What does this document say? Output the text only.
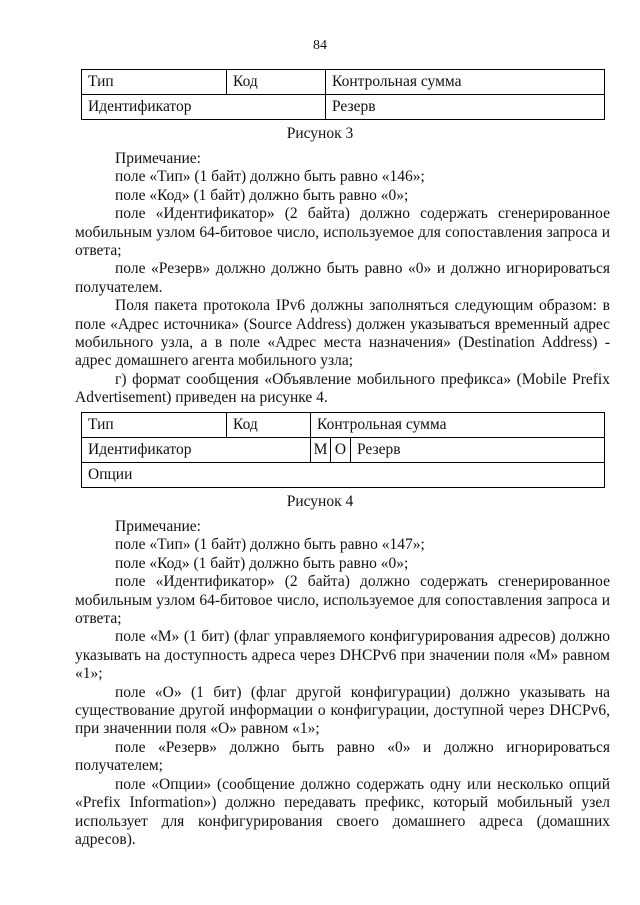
84
Тип	Код	Контрольная сумма
Идентификатор		Резерв
Рисунок 3

Примечание:

поле «Тип» (1 байт) должно быть равно «146»;

поле «Код» (1 байт) должно быть равно «0»;

поле «Идентификатор» (2 байта) должно содержать сгенерированное мобильным узлом 64-битовое число, используемое для сопоставления запроса и ответа;

поле «Резерв» должно должно быть равно «0» и должно игнорироваться получателем.

Поля пакета протокола IPv6 должны заполняться следующим образом: в поле «Адрес источника» (Source Address) должен указываться временный адрес мобильного узла, а в поле «Адрес места назначения» (Destination Address) - адрес домашнего агента мобильного узла;

г) формат сообщения «Объявление мобильного префикса» (Mobile Prefix Advertisement) приведен на рисунке 4.

Тип	Код	Контрольная сумма		
Идентификатор		M	O	Резерв
Опции				
Рисунок 4

Примечание:

поле «Тип» (1 байт) должно быть равно «147»;

поле «Код» (1 байт) должно быть равно «0»;

поле «Идентификатор» (2 байта) должно содержать сгенерированное мобильным узлом 64-битовое число, используемое для сопоставления запроса и ответа;

поле «M» (1 бит) (флаг управляемого конфигурирования адресов) должно указывать на доступность адреса через DHCPv6 при значении поля «M» равном «1»;

поле «O» (1 бит) (флаг другой конфигурации) должно указывать на существование другой информации о конфигурации, доступной через DHCPv6, при значеннии поля «O» равном «1»;

поле «Резерв» должно быть равно «0» и должно игнорироваться получателем;

поле «Опции» (сообщение должно содержать одну или несколько опций «Prefix Information») должно передавать префикс, который мобильный узел использует для конфигурирования своего домашнего адреса (домашних адресов).
